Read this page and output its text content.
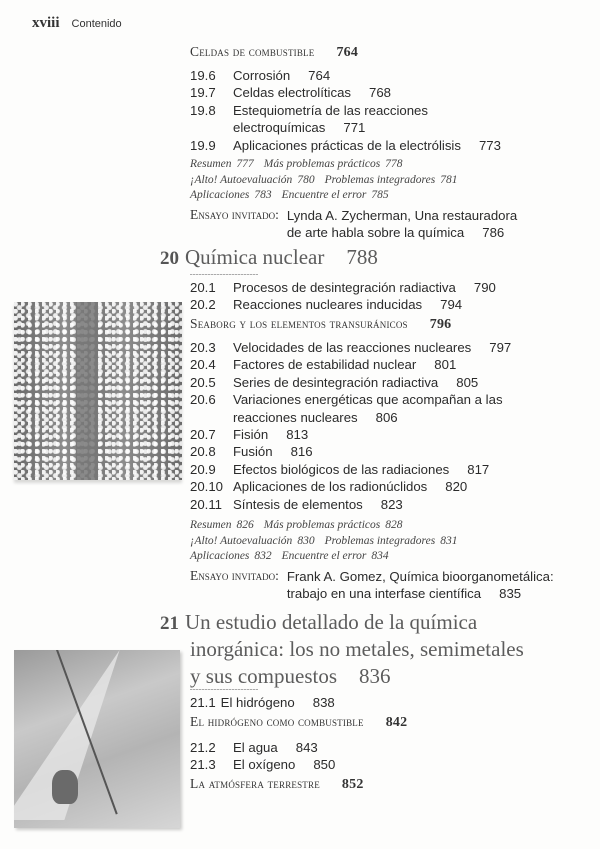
xviii Contenido
Celdas de combustible 764
19.6	Corrosión 764
19.7	Celdas electrolíticas 768
19.8	Estequiometría de las reacciones
electroquímicas 771
19.9	Aplicaciones prácticas de la electrólisis 773
Resumen 777 Más problemas prácticos 778
¡Alto! Autoevaluación 780 Problemas integradores 781
Aplicaciones 783 Encuentre el error 785
Ensayo invitado: Lynda A. Zycherman, Una restauradora
de arte habla sobre la química 786
20 Química nuclear 788
20.1	Procesos de desintegración radiactiva 790
20.2	Reacciones nucleares inducidas 794
Seaborg y los elementos transuránicos 796
20.3	Velocidades de las reacciones nucleares 797
20.4	Factores de estabilidad nuclear 801
20.5	Series de desintegración radiactiva 805
20.6	Variaciones energéticas que acompañan a las
reacciones nucleares 806
20.7	Fisión 813
20.8	Fusión 816
20.9	Efectos biológicos de las radiaciones 817
20.10 Aplicaciones de los radionúclidos 820
20.11 Síntesis de elementos 823
Resumen 826 Más problemas prácticos 828
¡Alto! Autoevaluación 830 Problemas integradores 831
Aplicaciones 832 Encuentre el error 834
Ensayo invitado: Frank A. Gomez, Química bioorganometálica:
trabajo en una interfase científica 835
21 Un estudio detallado de la química
inorgánica: los no metales, semimetales
y sus compuestos 836
21.1 El hidrógeno 838
El hidrógeno como combustible 842
21.2	El agua 843
21.3	El oxígeno 850
La atmósfera terrestre 852
